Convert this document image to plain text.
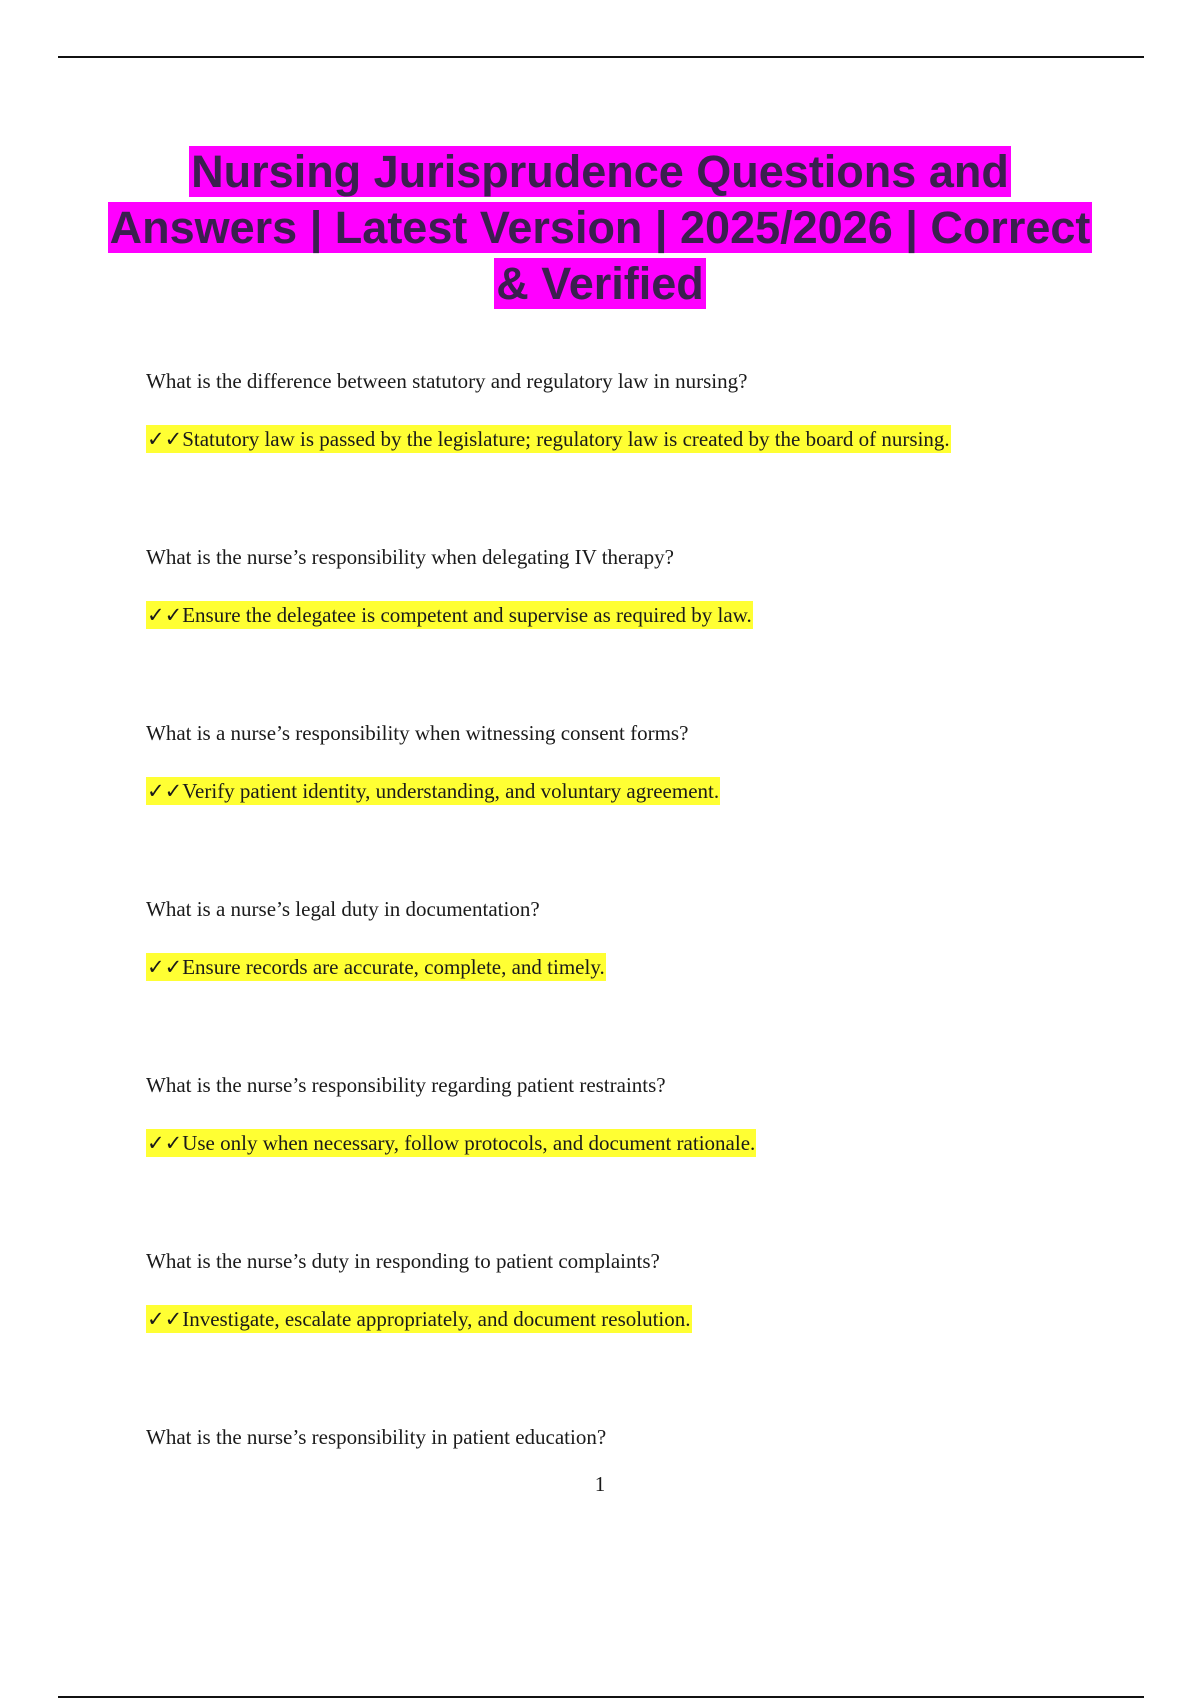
Nursing Jurisprudence Questions and Answers | Latest Version | 2025/2026 | Correct & Verified

What is the difference between statutory and regulatory law in nursing?

✓✓Statutory law is passed by the legislature; regulatory law is created by the board of nursing.

What is the nurse’s responsibility when delegating IV therapy?

✓✓Ensure the delegatee is competent and supervise as required by law.

What is a nurse’s responsibility when witnessing consent forms?

✓✓Verify patient identity, understanding, and voluntary agreement.

What is a nurse’s legal duty in documentation?

✓✓Ensure records are accurate, complete, and timely.

What is the nurse’s responsibility regarding patient restraints?

✓✓Use only when necessary, follow protocols, and document rationale.

What is the nurse’s duty in responding to patient complaints?

✓✓Investigate, escalate appropriately, and document resolution.

What is the nurse’s responsibility in patient education?

1
